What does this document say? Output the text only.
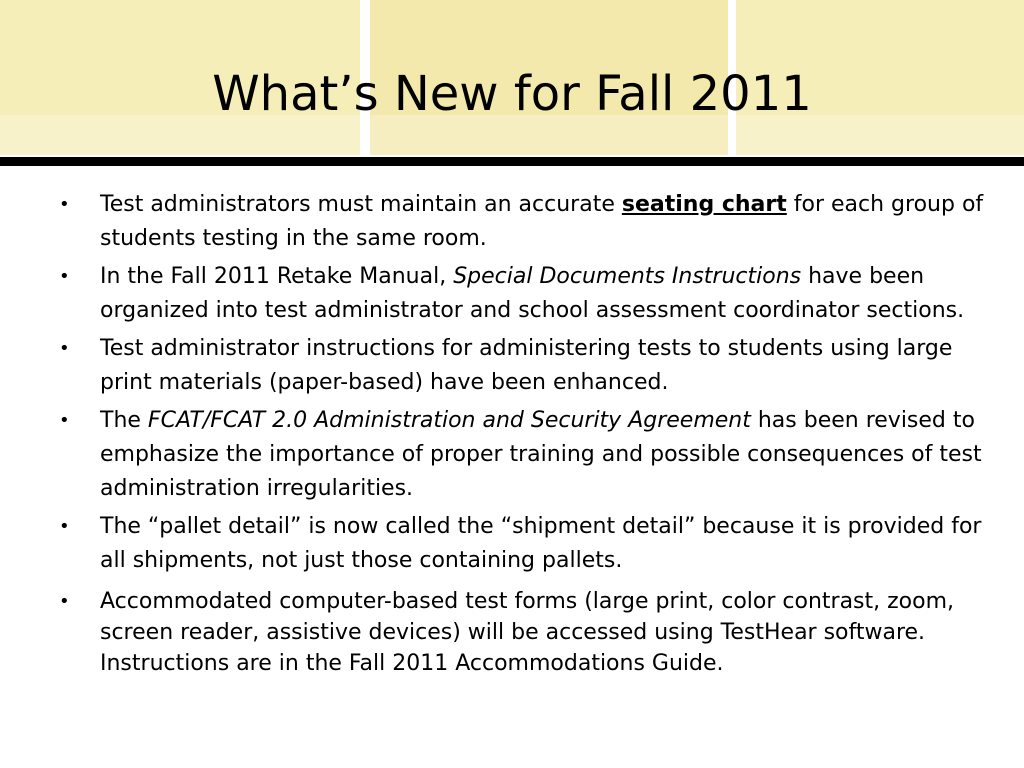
What’s New for Fall 2011
• Test administrators must maintain an accurate seating chart for each group of students testing in the same room.
• In the Fall 2011 Retake Manual, Special Documents Instructions have been organized into test administrator and school assessment coordinator sections.
• Test administrator instructions for administering tests to students using large print materials (paper-based) have been enhanced.
• The FCAT/FCAT 2.0 Administration and Security Agreement has been revised to emphasize the importance of proper training and possible consequences of test administration irregularities.
• The “pallet detail” is now called the “shipment detail” because it is provided for all shipments, not just those containing pallets.
• Accommodated computer-based test forms (large print, color contrast, zoom, screen reader, assistive devices) will be accessed using TestHear software. Instructions are in the Fall 2011 Accommodations Guide.
